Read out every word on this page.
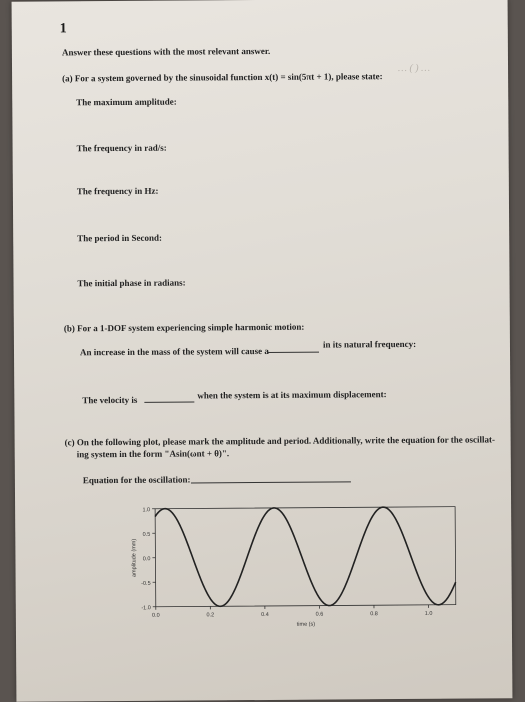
1
Answer these questions with the most relevant answer.
(a) For a system governed by the sinusoidal function x(t) = sin(5πt + 1), please state:
… ( ) …
The maximum amplitude:
The frequency in rad/s:
The frequency in Hz:
The period in Second:
The initial phase in radians:
(b) For a 1-DOF system experiencing simple harmonic motion:
An increase in the mass of the system will cause a
in its natural frequency:
The velocity is	when the system is at its maximum displacement:
(c) On the following plot, please mark the amplitude and period. Additionally, write the equation for the oscillat-
ing system in the form "Asin(ωnt + θ)".
Equation for the oscillation:
1.0
0.5
0.0
-0.5
-1.0
0.0	0.2	0.4	0.6	0.8	1.0
time (s)
amplitude (mm)
